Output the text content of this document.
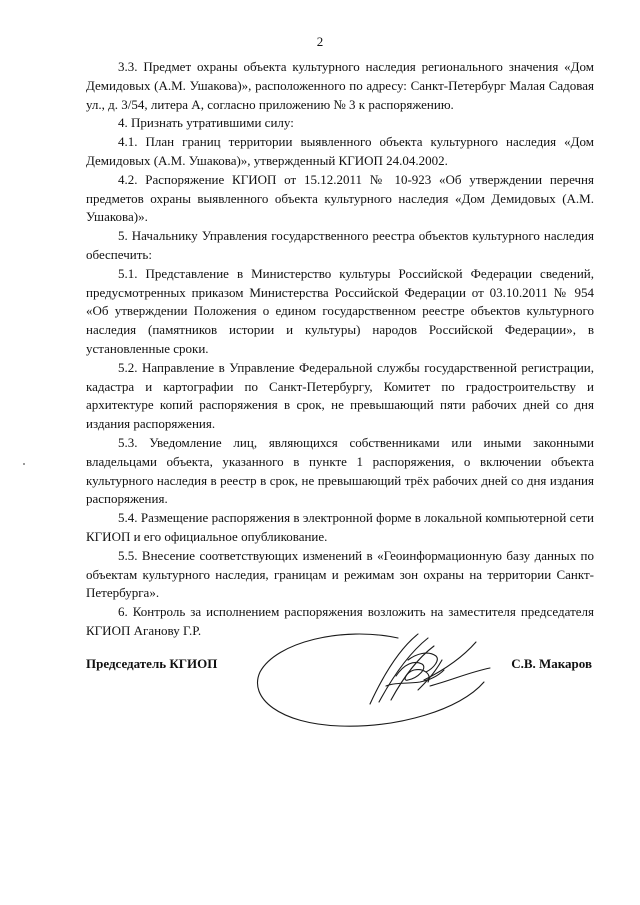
2

3.3. Предмет охраны объекта культурного наследия регионального значения «Дом Демидовых (А.М. Ушакова)», расположенного по адресу: Санкт-Петербург Малая Садовая ул., д. 3/54, литера А, согласно приложению № 3 к распоряжению.

4. Признать утратившими силу:

4.1. План границ территории выявленного объекта культурного наследия «Дом Демидовых (А.М. Ушакова)», утвержденный КГИОП 24.04.2002.

4.2. Распоряжение КГИОП от 15.12.2011 № 10-923 «Об утверждении перечня предметов охраны выявленного объекта культурного наследия «Дом Демидовых (А.М. Ушакова)».

5. Начальнику Управления государственного реестра объектов культурного наследия обеспечить:

5.1. Представление в Министерство культуры Российской Федерации сведений, предусмотренных приказом Министерства Российской Федерации от 03.10.2011 № 954 «Об утверждении Положения о едином государственном реестре объектов культурного наследия (памятников истории и культуры) народов Российской Федерации», в установленные сроки.

5.2. Направление в Управление Федеральной службы государственной регистрации, кадастра и картографии по Санкт-Петербургу, Комитет по градостроительству и архитектуре копий распоряжения в срок, не превышающий пяти рабочих дней со дня издания распоряжения.

5.3. Уведомление лиц, являющихся собственниками или иными законными владельцами объекта, указанного в пункте 1 распоряжения, о включении объекта культурного наследия в реестр в срок, не превышающий трёх рабочих дней со дня издания распоряжения.

5.4. Размещение распоряжения в электронной форме в локальной компьютерной сети КГИОП и его официальное опубликование.

5.5. Внесение соответствующих изменений в «Геоинформационную базу данных по объектам культурного наследия, границам и режимам зон охраны на территории Санкт-Петербурга».

6. Контроль за исполнением распоряжения возложить на заместителя председателя КГИОП Аганову Г.Р.

Председатель КГИОП	С.В. Макаров
